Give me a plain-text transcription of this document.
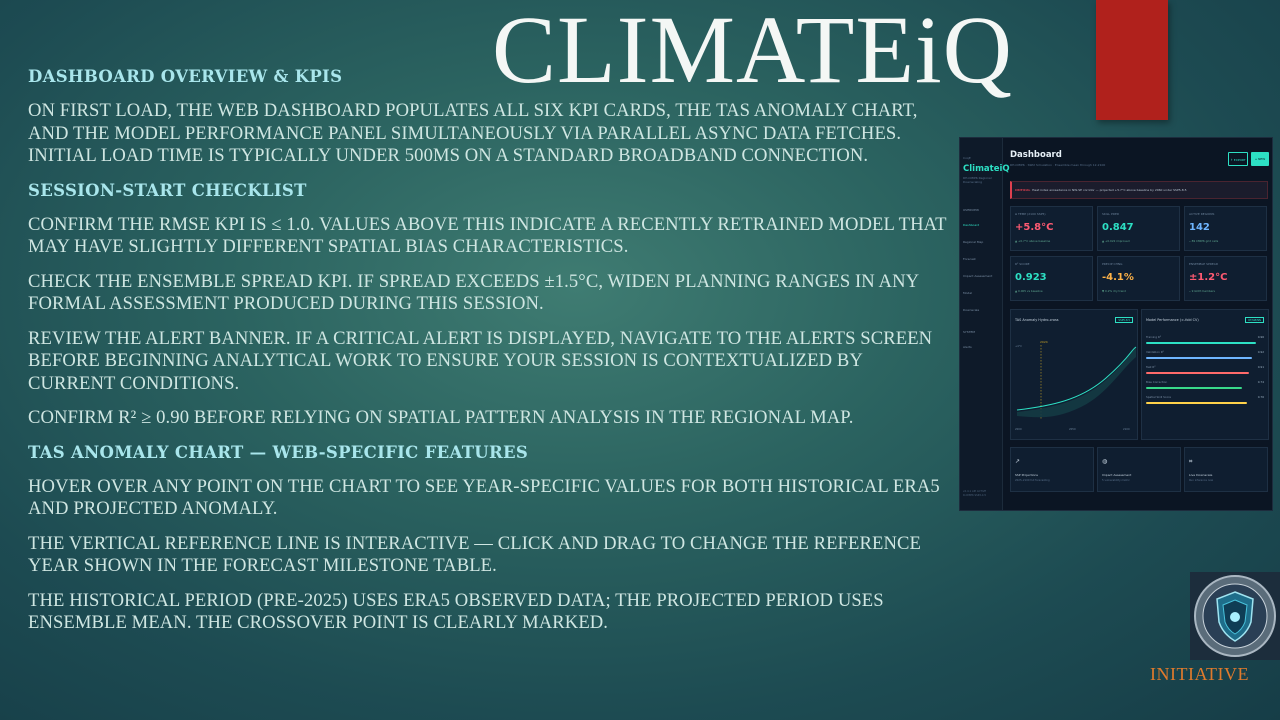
CLIMATEiQ
DASHBOARD OVERVIEW & KPIS

ON FIRST LOAD, THE WEB DASHBOARD POPULATES ALL SIX KPI CARDS, THE TAS ANOMALY CHART, AND THE MODEL PERFORMANCE PANEL SIMULTANEOUSLY VIA PARALLEL ASYNC DATA FETCHES. INITIAL LOAD TIME IS TYPICALLY UNDER 500MS ON A STANDARD BROADBAND CONNECTION.

SESSION-START CHECKLIST

CONFIRM THE RMSE KPI IS ≤ 1.0. VALUES ABOVE THIS INDICATE A RECENTLY RETRAINED MODEL THAT MAY HAVE SLIGHTLY DIFFERENT SPATIAL BIAS CHARACTERISTICS.

CHECK THE ENSEMBLE SPREAD KPI. IF SPREAD EXCEEDS ±1.5°C, WIDEN PLANNING RANGES IN ANY FORMAL ASSESSMENT PRODUCED DURING THIS SESSION.

REVIEW THE ALERT BANNER. IF A CRITICAL ALERT IS DISPLAYED, NAVIGATE TO THE ALERTS SCREEN BEFORE BEGINNING ANALYTICAL WORK TO ENSURE YOUR SESSION IS CONTEXTUALIZED BY CURRENT CONDITIONS.

CONFIRM R² ≥ 0.90 BEFORE RELYING ON SPATIAL PATTERN ANALYSIS IN THE REGIONAL MAP.

TAS ANOMALY CHART — WEB-SPECIFIC FEATURES

HOVER OVER ANY POINT ON THE CHART TO SEE YEAR-SPECIFIC VALUES FOR BOTH HISTORICAL ERA5 AND PROJECTED ANOMALY.

THE VERTICAL REFERENCE LINE IS INTERACTIVE — CLICK AND DRAG TO CHANGE THE REFERENCE YEAR SHOWN IN THE FORECAST MILESTONE TABLE.

THE HISTORICAL PERIOD (PRE-2025) USES ERA5 OBSERVED DATA; THE PROJECTED PERIOD USES ENSEMBLE MEAN. THE CROSSOVER POINT IS CLEARLY MARKED.

CoqE
ClimateiQ
RH-CMIP6 Regional Downscaling
OVERVIEW
Dashboard
Regional Map
Forecast
Impact Assessment
Model
Downscale
SYSTEM
Alerts
v2.4.1 API ACTIVE
R-CMIP6 SSP2-4.5
Dashboard
RH-CMIP6 · SSP2 Simulation · Ensemble mean through 12-2100
↑ EXPORT	+ NEW
CRITICAL Heat index exceedance in NW-SE corridor — projected +5.7°C above baseline by 2060 under SSP5-8.5
Δ TEMP (2100 SSP5)
+5.8°C
▲ +0.7°C above baseline
SKILL PRED
0.847
▲ +0.022 improved
ACTIVE REGIONS
142
─ 89 CMIP6 grid cells
R² SCORE
0.923
▲ 0.005 vs baseline
PRECIP CHNG
-4.1%
▼ 0.2% dry trend
ENSEMBLE SPREAD
±1.2°C
─ 9 GCM members
TAS Anomaly Hydro-cross	SSP5-8.5
2024
+4°C
2000	2050	2100
Model Performance (∞-fold CV)	RF/GB/NN
Training R²	0.96
Validation R²	0.92
Test R²	0.91
Bias Correction	0.74
Spatial Skill Score	0.76
↗
SSP Projections
2025–2100 full forecasting
◍
Impact Assessment
5 vulnerability metric
⌗
Live Downscale
Run inference now
INITIATIVE
